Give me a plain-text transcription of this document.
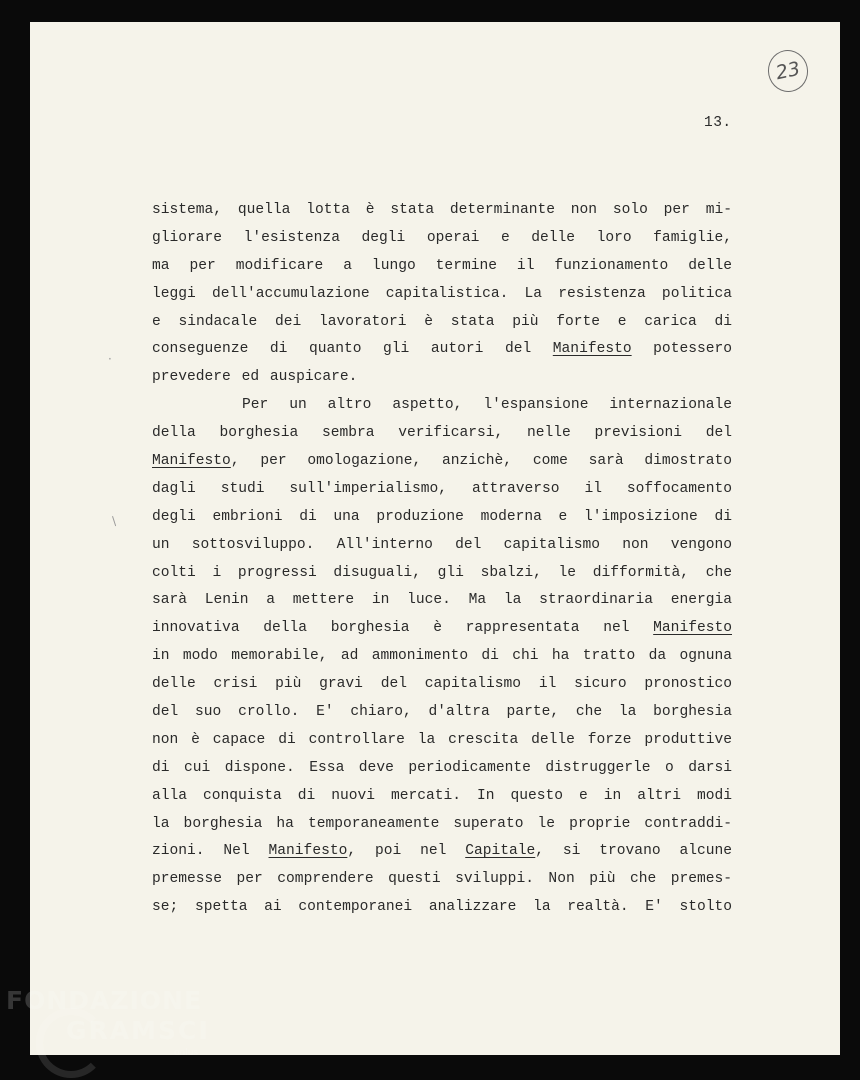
23
13.
sistema, quella lotta è stata determinante non solo per mi-
gliorare l'esistenza degli operai e delle loro famiglie,
ma per modificare a lungo termine il funzionamento delle
leggi dell'accumulazione capitalistica. La resistenza politica
e sindacale dei lavoratori è stata più forte e carica di
conseguenze di quanto gli autori del Manifesto potessero
prevedere ed auspicare.
Per un altro aspetto, l'espansione internazionale
della borghesia sembra verificarsi, nelle previsioni del
Manifesto, per omologazione, anzichè, come sarà dimostrato
dagli studi sull'imperialismo, attraverso il soffocamento
degli embrioni di una produzione moderna e l'imposizione di
un sottosviluppo. All'interno del capitalismo non vengono
colti i progressi disuguali, gli sbalzi, le difformità, che
sarà Lenin a mettere in luce. Ma la straordinaria energia
innovativa della borghesia è rappresentata nel Manifesto
in modo memorabile, ad ammonimento di chi ha tratto da ognuna
delle crisi più gravi del capitalismo il sicuro pronostico
del suo crollo. E' chiaro, d'altra parte, che la borghesia
non è capace di controllare la crescita delle forze produttive
di cui dispone. Essa deve periodicamente distruggerle o darsi
alla conquista di nuovi mercati. In questo e in altri modi
la borghesia ha temporaneamente superato le proprie contraddi-
zioni. Nel Manifesto, poi nel Capitale, si trovano alcune
premesse per comprendere questi sviluppi. Non più che premes-
se; spetta ai contemporanei analizzare la realtà. E' stolto
·
/
FONDAZIONE
GRAMSCI
onlus
